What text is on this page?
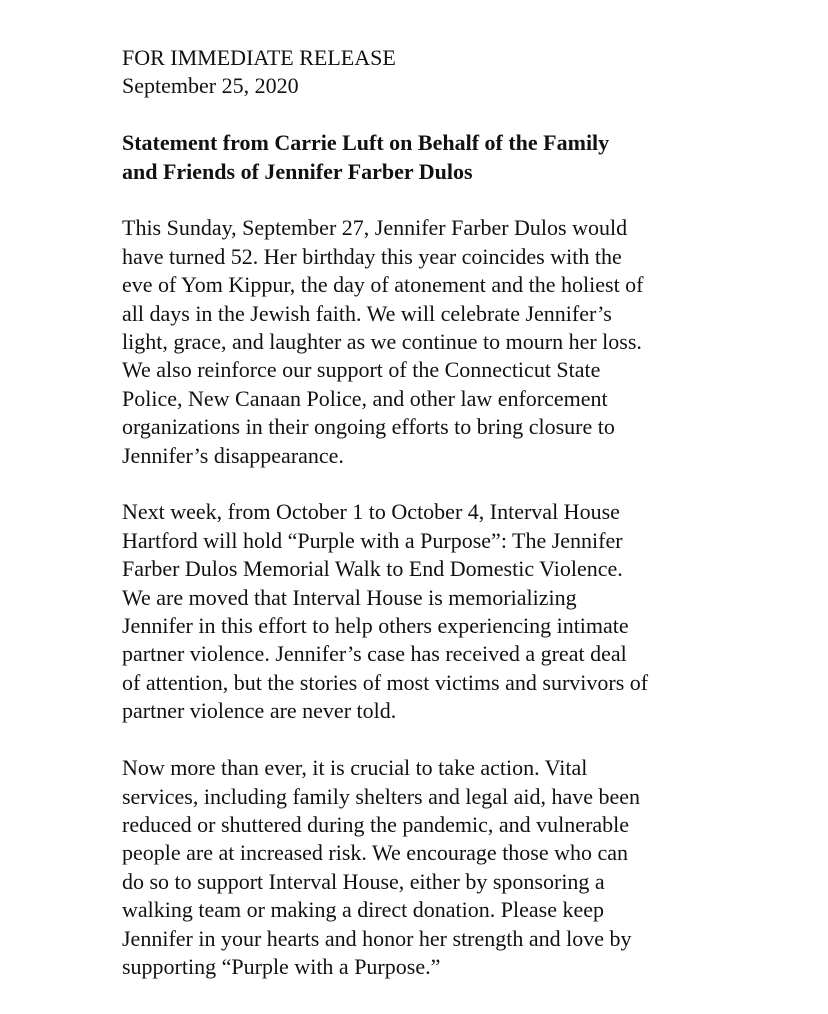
FOR IMMEDIATE RELEASE
September 25, 2020
Statement from Carrie Luft on Behalf of the Family
and Friends of Jennifer Farber Dulos
This Sunday, September 27, Jennifer Farber Dulos would
have turned 52. Her birthday this year coincides with the
eve of Yom Kippur, the day of atonement and the holiest of
all days in the Jewish faith. We will celebrate Jennifer’s
light, grace, and laughter as we continue to mourn her loss.
We also reinforce our support of the Connecticut State
Police, New Canaan Police, and other law enforcement
organizations in their ongoing efforts to bring closure to
Jennifer’s disappearance.
Next week, from October 1 to October 4, Interval House
Hartford will hold “Purple with a Purpose”: The Jennifer
Farber Dulos Memorial Walk to End Domestic Violence.
We are moved that Interval House is memorializing
Jennifer in this effort to help others experiencing intimate
partner violence. Jennifer’s case has received a great deal
of attention, but the stories of most victims and survivors of
partner violence are never told.
Now more than ever, it is crucial to take action. Vital
services, including family shelters and legal aid, have been
reduced or shuttered during the pandemic, and vulnerable
people are at increased risk. We encourage those who can
do so to support Interval House, either by sponsoring a
walking team or making a direct donation. Please keep
Jennifer in your hearts and honor her strength and love by
supporting “Purple with a Purpose.”
